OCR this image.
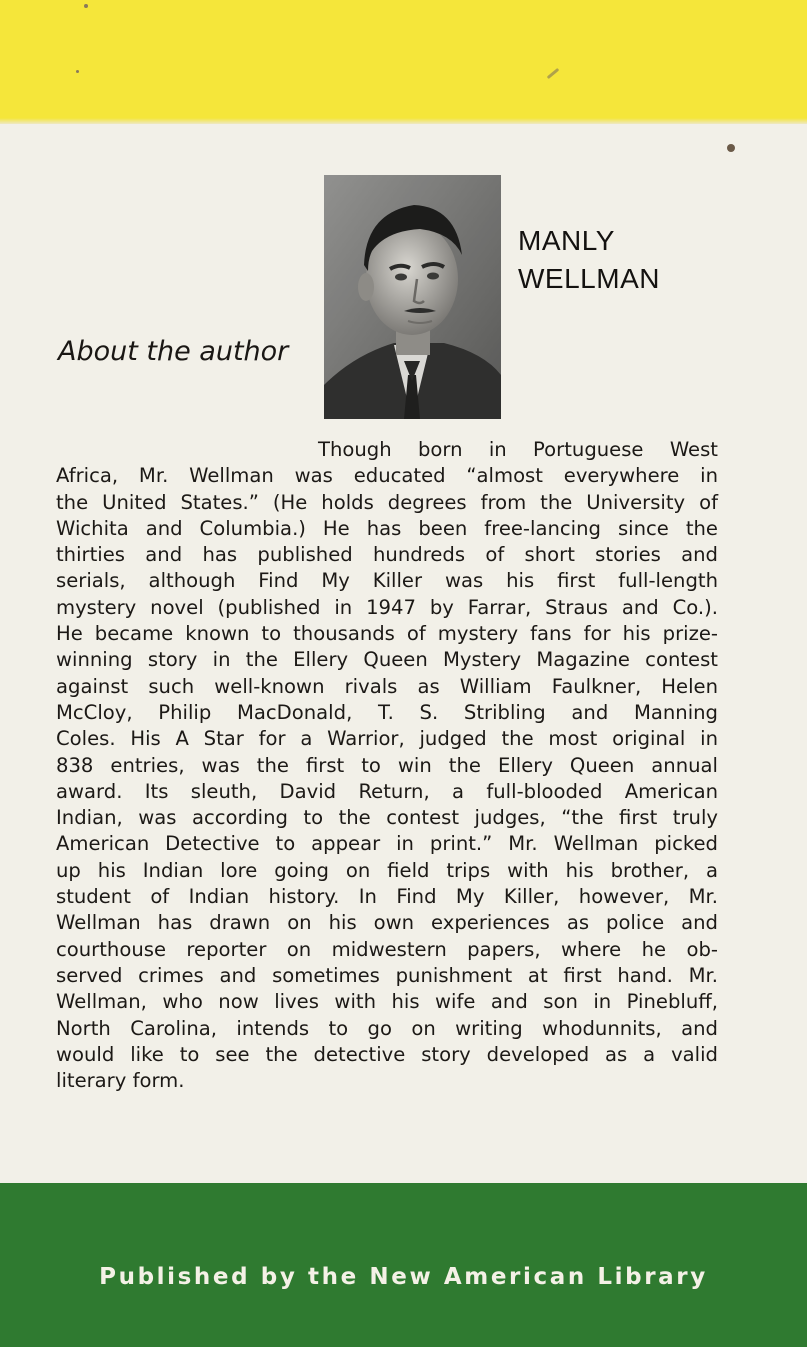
MANLY
WELLMAN
About the author
Though born in Portuguese West
Africa, Mr. Wellman was educated “almost everywhere in
the United States.” (He holds degrees from the University of
Wichita and Columbia.) He has been free-lancing since the
thirties and has published hundreds of short stories and
serials, although Find My Killer was his first full-length
mystery novel (published in 1947 by Farrar, Straus and Co.).
He became known to thousands of mystery fans for his prize-
winning story in the Ellery Queen Mystery Magazine contest
against such well-known rivals as William Faulkner, Helen
McCloy, Philip MacDonald, T. S. Stribling and Manning
Coles. His A Star for a Warrior, judged the most original in
838 entries, was the first to win the Ellery Queen annual
award. Its sleuth, David Return, a full-blooded American
Indian, was according to the contest judges, “the first truly
American Detective to appear in print.” Mr. Wellman picked
up his Indian lore going on field trips with his brother, a
student of Indian history. In Find My Killer, however, Mr.
Wellman has drawn on his own experiences as police and
courthouse reporter on midwestern papers, where he ob-
served crimes and sometimes punishment at first hand. Mr.
Wellman, who now lives with his wife and son in Pinebluff,
North Carolina, intends to go on writing whodunnits, and
would like to see the detective story developed as a valid
literary form.
Published by the New American Library
